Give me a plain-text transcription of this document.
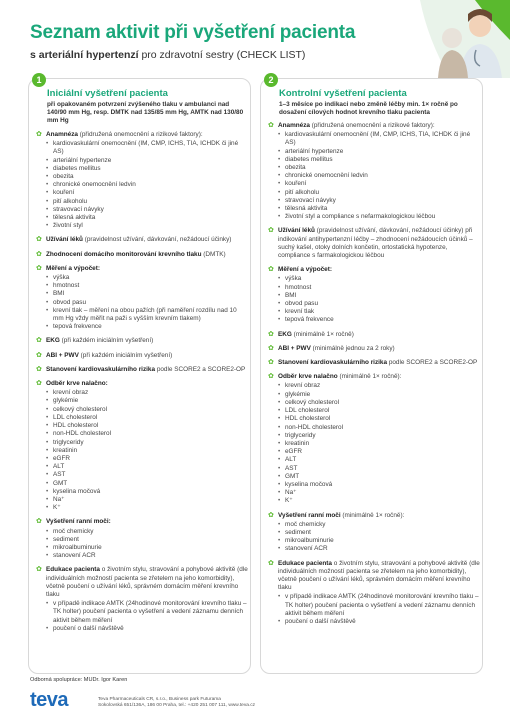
Seznam aktivit při vyšetření pacienta
s arteriální hypertenzí pro zdravotní sestry (CHECK LIST)
1
Iniciální vyšetření pacienta
při opakovaném potvrzení zvýšeného tlaku v ambulanci nad 140/90 mm Hg, resp. DMTK nad 135/85 mm Hg, AMTK nad 130/80 mm Hg
✿ Anamnéza (přidružená onemocnění a rizikové faktory):
• kardiovaskulární onemocnění (IM, CMP, ICHS, TIA, ICHDK či jiné AS)
• arteriální hypertenze
• diabetes mellitus
• obezita
• chronické onemocnění ledvin
• kouření
• pití alkoholu
• stravovací návyky
• tělesná aktivita
• životní styl
✿ Užívání léků (pravidelnost užívání, dávkování, nežádoucí účinky)
✿ Zhodnocení domácího monitorování krevního tlaku (DMTK)
✿ Měření a výpočet:
• výška
• hmotnost
• BMI
• obvod pasu
• krevní tlak – měření na obou pažích (při naměření rozdílu nad 10 mm Hg vždy měřit na paži s vyšším krevním tlakem)
• tepová frekvence
✿ EKG (při každém iniciálním vyšetření)
✿ ABI + PWV (při každém iniciálním vyšetření)
✿ Stanovení kardiovaskulárního rizika podle SCORE2 a SCORE2-OP
✿ Odběr krve nalačno:
• krevní obraz
• glykémie
• celkový cholesterol
• LDL cholesterol
• HDL cholesterol
• non-HDL cholesterol
• triglyceridy
• kreatinin
• eGFR
• ALT
• AST
• GMT
• kyselina močová
• Na⁺
• K⁺
✿ Vyšetření ranní moči:
• moč chemicky
• sediment
• mikroalbuminurie
• stanovení ACR
✿ Edukace pacienta o životním stylu, stravování a pohybové aktivitě (dle individuálních možností pacienta se zřetelem na jeho komorbidity), včetně poučení o užívání léků, správném domácím měření krevního tlaku
• v případě indikace AMTK (24hodinové monitorování krevního tlaku – TK holter) poučení pacienta o vyšetření a vedení záznamu denních aktivit během měření
• poučení o další návštěvě
2
Kontrolní vyšetření pacienta
1–3 měsíce po indikaci nebo změně léčby min. 1× ročně po dosažení cílových hodnot krevního tlaku pacienta
✿ Anamnéza (přidružená onemocnění a rizikové faktory):
• kardiovaskulární onemocnění (IM, CMP, ICHS, TIA, ICHDK či jiné AS)
• arteriální hypertenze
• diabetes mellitus
• obezita
• chronické onemocnění ledvin
• kouření
• pití alkoholu
• stravovací návyky
• tělesná aktivita
• životní styl a compliance s nefarmakologickou léčbou
✿ Užívání léků (pravidelnost užívání, dávkování, nežádoucí účinky) při indikování antihypertenzní léčby – zhodnocení nežádoucích účinků – suchý kašel, otoky dolních končetin, ortostatická hypotenze, compliance s farmakologickou léčbou
✿ Měření a výpočet:
• výška
• hmotnost
• BMI
• obvod pasu
• krevní tlak
• tepová frekvence
✿ EKG (minimálně 1× ročně)
✿ ABI + PWV (minimálně jednou za 2 roky)
✿ Stanovení kardiovaskulárního rizika podle SCORE2 a SCORE2-OP
✿ Odběr krve nalačno (minimálně 1× ročně):
• krevní obraz
• glykémie
• celkový cholesterol
• LDL cholesterol
• HDL cholesterol
• non-HDL cholesterol
• triglyceridy
• kreatinin
• eGFR
• ALT
• AST
• GMT
• kyselina močová
• Na⁺
• K⁺
✿ Vyšetření ranní moči (minimálně 1× ročně):
• moč chemicky
• sediment
• mikroalbuminurie
• stanovení ACR
✿ Edukace pacienta o životním stylu, stravování a pohybové aktivitě (dle individuálních možností pacienta se zřetelem na jeho komorbidity), včetně poučení o užívání léků, správném domácím měření krevního tlaku
• v případě indikace AMTK (24hodinové monitorování krevního tlaku – TK holter) poučení pacienta o vyšetření a vedení záznamu denních aktivit během měření
• poučení o další návštěvě
Odborná spolupráce: MUDr. Igor Karen
teva	Teva Pharmaceuticals CR, s.r.o., Business park Futurama
Sokolovská 651/136A, 186 00 Praha, tel.: +420 251 007 111, www.teva.cz
